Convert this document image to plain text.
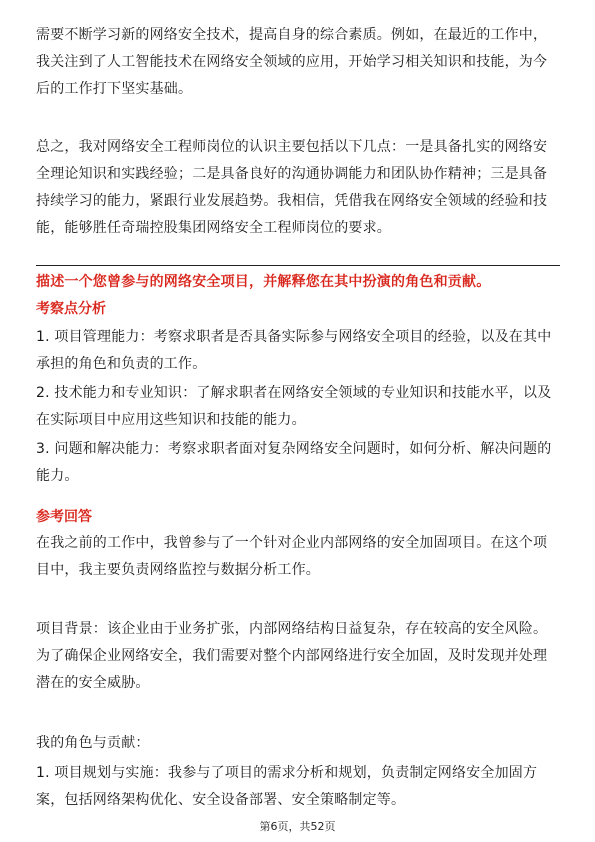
需要不断学习新的网络安全技术，提高自身的综合素质。例如，在最近的工作中，
我关注到了人工智能技术在网络安全领域的应用，开始学习相关知识和技能，为今
后的工作打下坚实基础。

总之，我对网络安全工程师岗位的认识主要包括以下几点：一是具备扎实的网络安
全理论知识和实践经验；二是具备良好的沟通协调能力和团队协作精神；三是具备
持续学习的能力，紧跟行业发展趋势。我相信，凭借我在网络安全领域的经验和技
能，能够胜任奇瑞控股集团网络安全工程师岗位的要求。

描述一个您曾参与的网络安全项目，并解释您在其中扮演的角色和贡献。

考察点分析

1. 项目管理能力：考察求职者是否具备实际参与网络安全项目的经验，以及在其中
承担的角色和负责的工作。

2. 技术能力和专业知识：了解求职者在网络安全领域的专业知识和技能水平，以及
在实际项目中应用这些知识和技能的能力。

3. 问题和解决能力：考察求职者面对复杂网络安全问题时，如何分析、解决问题的
能力。

参考回答

在我之前的工作中，我曾参与了一个针对企业内部网络的安全加固项目。在这个项
目中，我主要负责网络监控与数据分析工作。

项目背景：该企业由于业务扩张，内部网络结构日益复杂，存在较高的安全风险。
为了确保企业网络安全，我们需要对整个内部网络进行安全加固，及时发现并处理
潜在的安全威胁。

我的角色与贡献：

1. 项目规划与实施：我参与了项目的需求分析和规划，负责制定网络安全加固方
案，包括网络架构优化、安全设备部署、安全策略制定等。

第6页，共52页
